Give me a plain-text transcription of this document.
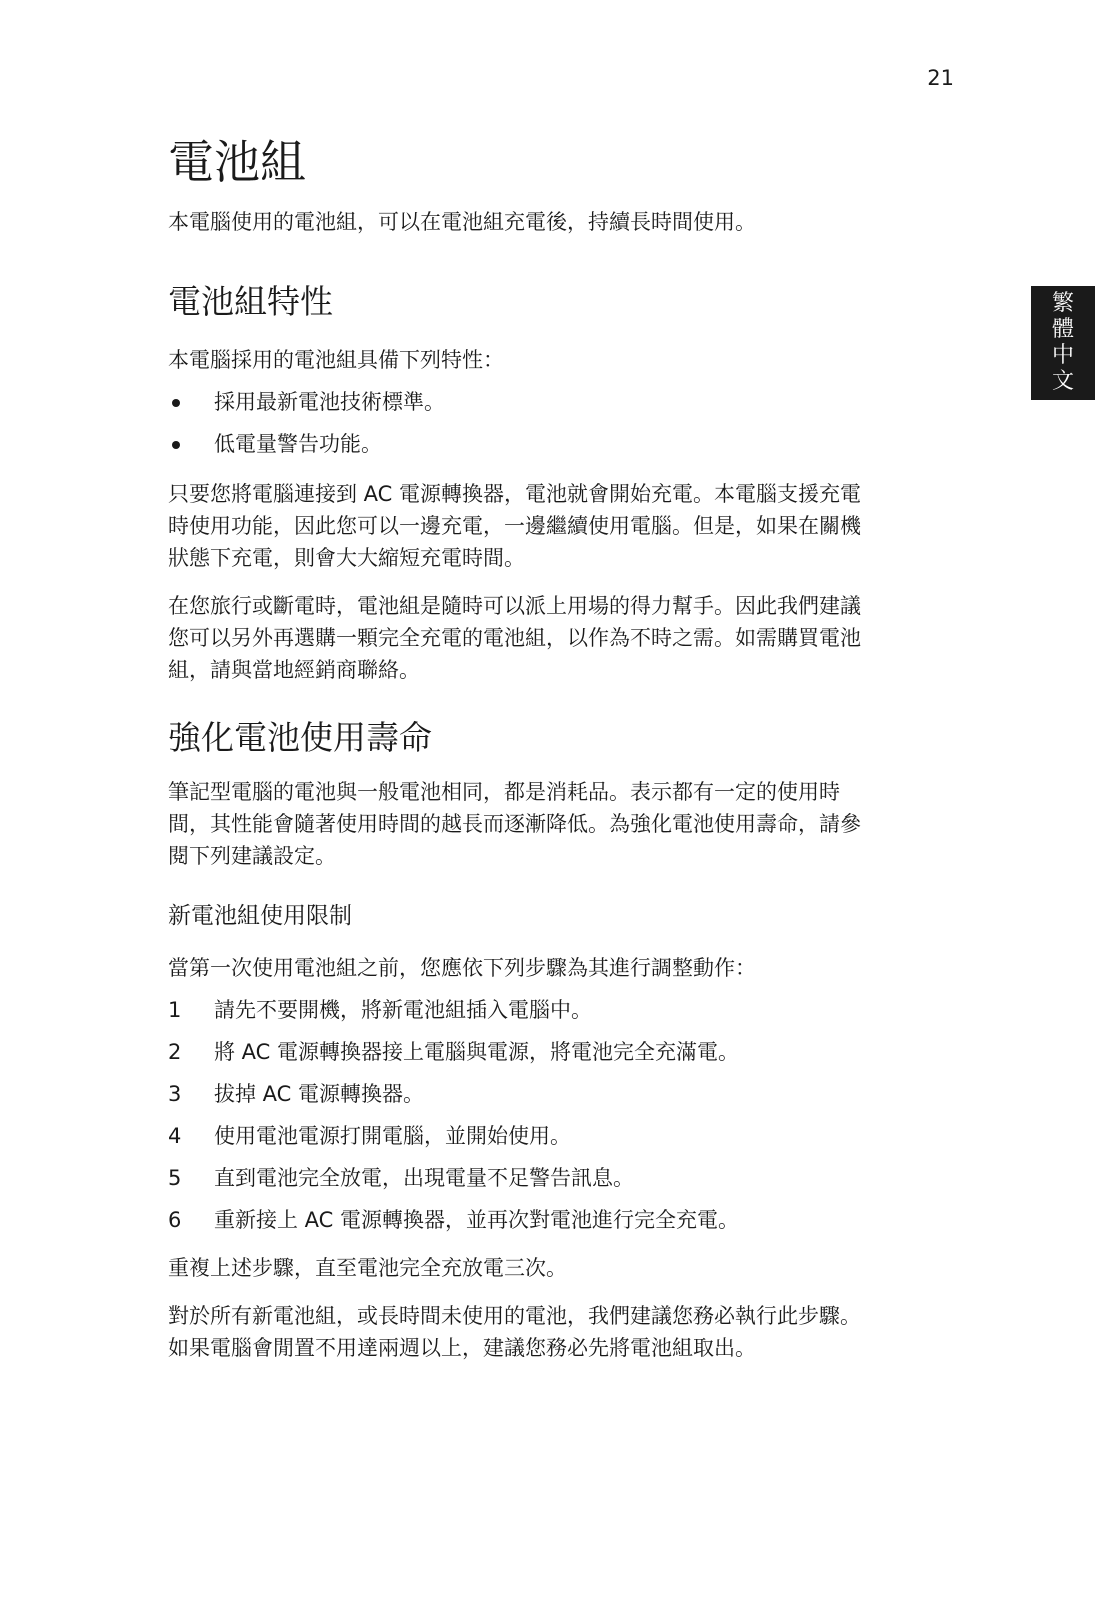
21
繁
體
中
文
電池組

本電腦使用的電池組，可以在電池組充電後，持續長時間使用。

電池組特性

本電腦採用的電池組具備下列特性：

採用最新電池技術標準。
低電量警告功能。

只要您將電腦連接到 AC 電源轉換器，電池就會開始充電。本電腦支援充電

時使用功能，因此您可以一邊充電，一邊繼續使用電腦。但是，如果在關機

狀態下充電，則會大大縮短充電時間。

在您旅行或斷電時，電池組是隨時可以派上用場的得力幫手。因此我們建議

您可以另外再選購一顆完全充電的電池組，以作為不時之需。如需購買電池

組，請與當地經銷商聯絡。

強化電池使用壽命

筆記型電腦的電池與一般電池相同，都是消耗品。表示都有一定的使用時

間，其性能會隨著使用時間的越長而逐漸降低。為強化電池使用壽命，請參

閱下列建議設定。

新電池組使用限制

當第一次使用電池組之前，您應依下列步驟為其進行調整動作：

1	請先不要開機，將新電池組插入電腦中。
2	將 AC 電源轉換器接上電腦與電源，將電池完全充滿電。
3	拔掉 AC 電源轉換器。
4	使用電池電源打開電腦，並開始使用。
5	直到電池完全放電，出現電量不足警告訊息。
6	重新接上 AC 電源轉換器，並再次對電池進行完全充電。

重複上述步驟，直至電池完全充放電三次。

對於所有新電池組，或長時間未使用的電池，我們建議您務必執行此步驟。

如果電腦會閒置不用達兩週以上，建議您務必先將電池組取出。
